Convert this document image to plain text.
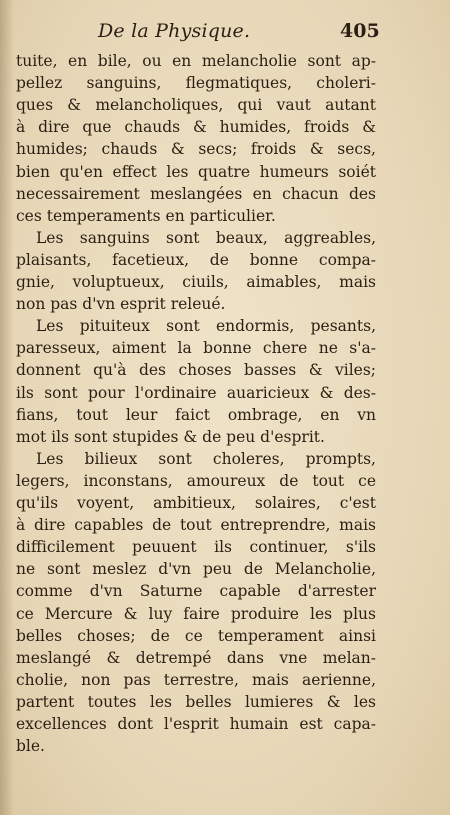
De la Physique.	405
tuite, en bile, ou en melancholie sont ap-
pellez sanguins, flegmatiques, choleri-
ques & melancholiques, qui vaut autant
à dire que chauds & humides, froids &
humides; chauds & secs; froids & secs,
bien qu'en effect les quatre humeurs soiét
necessairement meslangées en chacun des
ces temperaments en particulier.
Les sanguins sont beaux, aggreables,
plaisants, facetieux, de bonne compa-
gnie, voluptueux, ciuils, aimables, mais
non pas d'vn esprit releué.
Les pituiteux sont endormis, pesants,
paresseux, aiment la bonne chere ne s'a-
donnent qu'à des choses basses & viles;
ils sont pour l'ordinaire auaricieux & des-
fians, tout leur faict ombrage, en vn
mot ils sont stupides & de peu d'esprit.
Les bilieux sont choleres, prompts,
legers, inconstans, amoureux de tout ce
qu'ils voyent, ambitieux, solaires, c'est
à dire capables de tout entreprendre, mais
difficilement peuuent ils continuer, s'ils
ne sont meslez d'vn peu de Melancholie,
comme d'vn Saturne capable d'arrester
ce Mercure & luy faire produire les plus
belles choses; de ce temperament ainsi
meslangé & detrempé dans vne melan-
cholie, non pas terrestre, mais aerienne,
partent toutes les belles lumieres & les
excellences dont l'esprit humain est capa-
ble.
